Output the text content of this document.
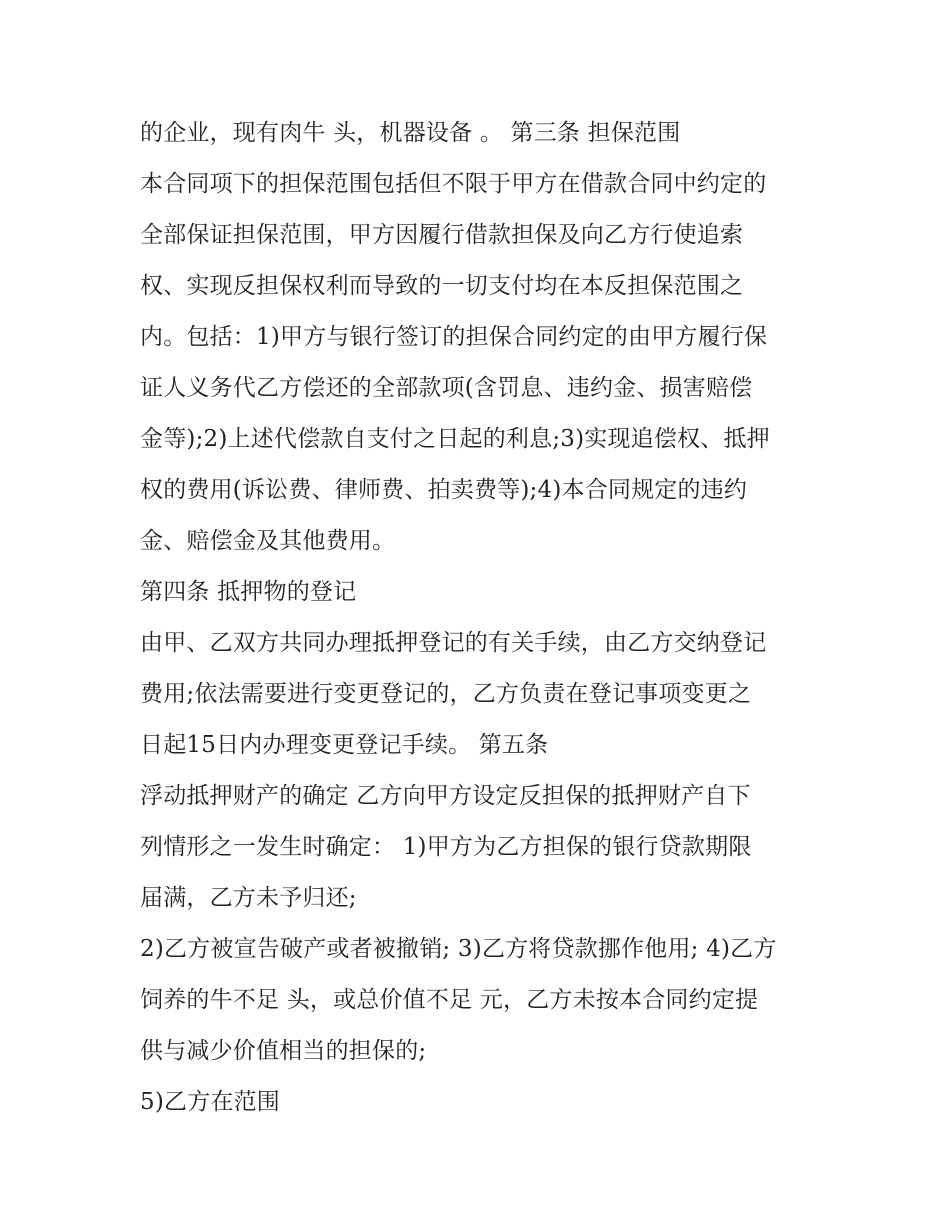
的企业，现有肉牛 头，机器设备 。 第三条 担保范围
本合同项下的担保范围包括但不限于甲方在借款合同中约定的
全部保证担保范围，甲方因履行借款担保及向乙方行使追索
权、实现反担保权利而导致的一切支付均在本反担保范围之
内。包括：1)甲方与银行签订的担保合同约定的由甲方履行保
证人义务代乙方偿还的全部款项(含罚息、违约金、损害赔偿
金等);2)上述代偿款自支付之日起的利息;3)实现追偿权、抵押
权的费用(诉讼费、律师费、拍卖费等);4)本合同规定的违约
金、赔偿金及其他费用。
第四条 抵押物的登记
由甲、乙双方共同办理抵押登记的有关手续，由乙方交纳登记
费用;依法需要进行变更登记的，乙方负责在登记事项变更之
日起15日内办理变更登记手续。 第五条
浮动抵押财产的确定 乙方向甲方设定反担保的抵押财产自下
列情形之一发生时确定： 1)甲方为乙方担保的银行贷款期限
届满，乙方未予归还;
2)乙方被宣告破产或者被撤销; 3)乙方将贷款挪作他用; 4)乙方
饲养的牛不足 头，或总价值不足 元，乙方未按本合同约定提
供与减少价值相当的担保的;
5)乙方在范围
